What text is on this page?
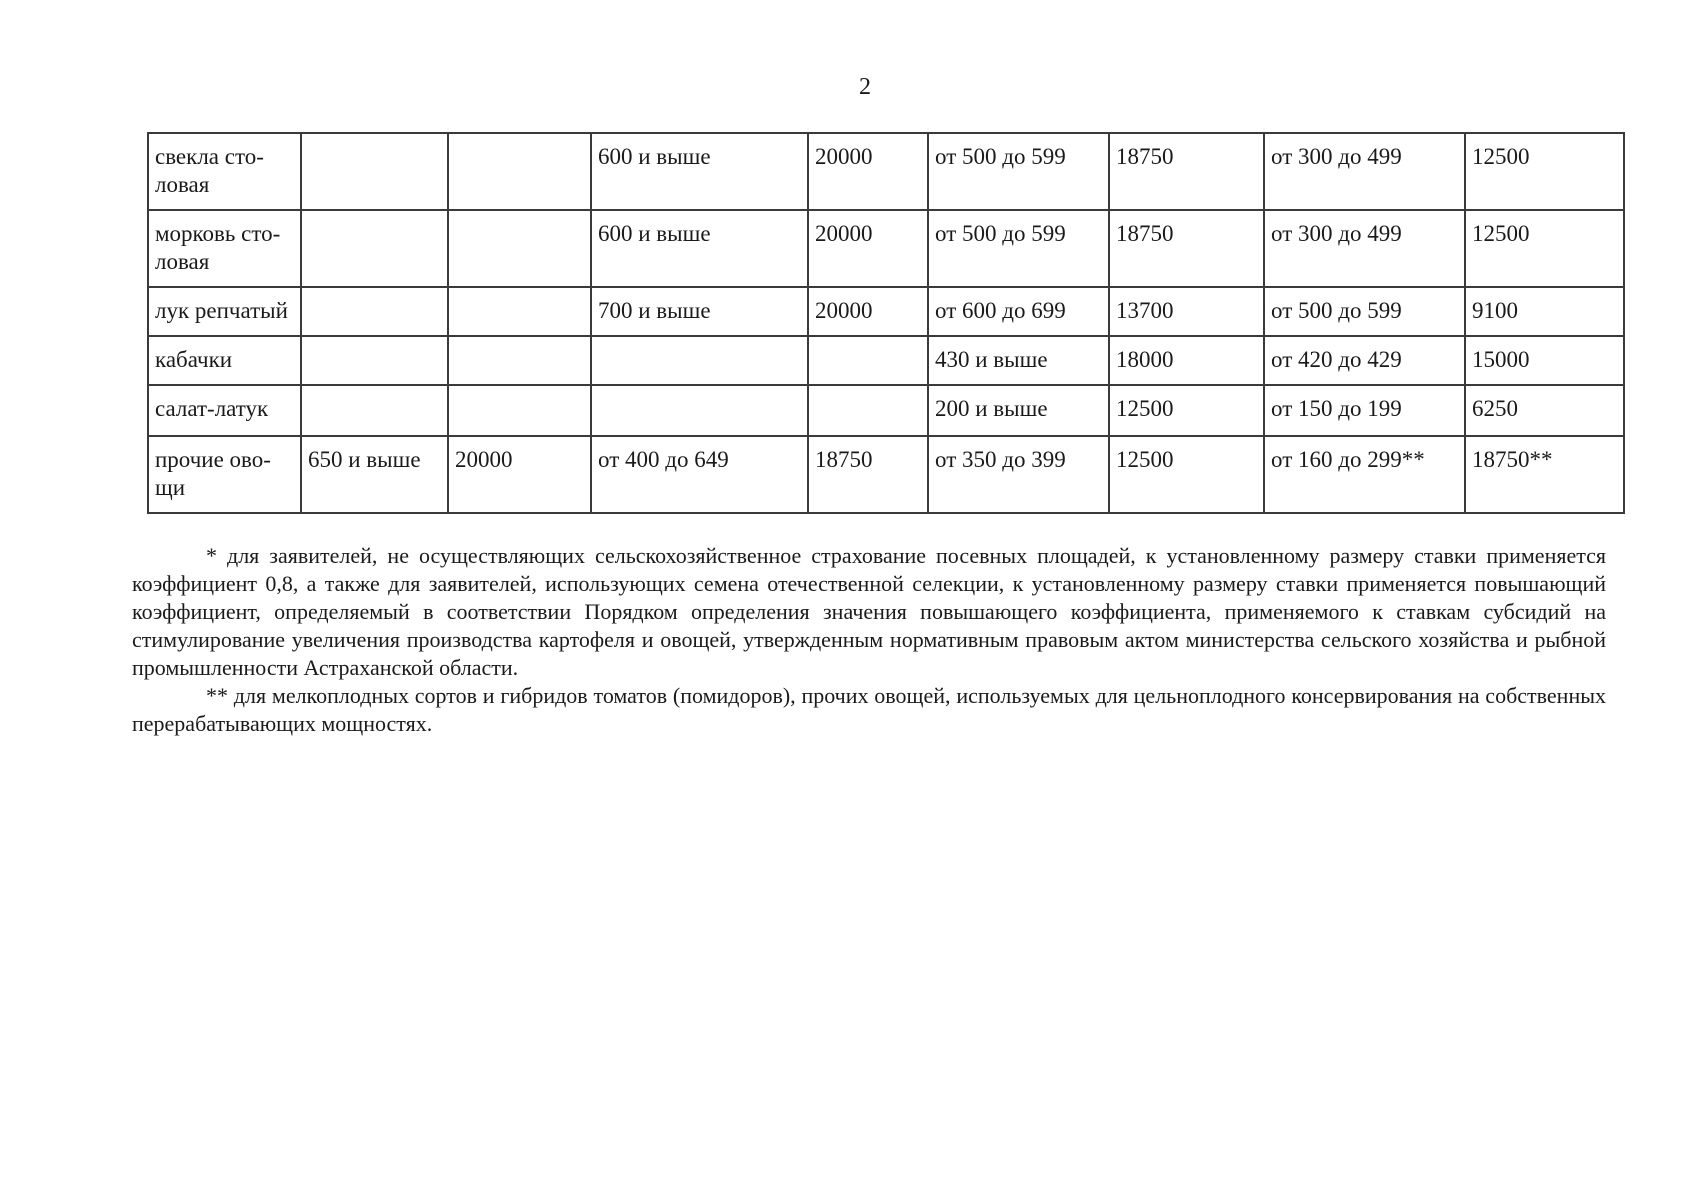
2
свекла сто-
ловая			600 и выше	20000	от 500 до 599	18750	от 300 до 499	12500
морковь сто-
ловая			600 и выше	20000	от 500 до 599	18750	от 300 до 499	12500
лук репчатый			700 и выше	20000	от 600 до 699	13700	от 500 до 599	9100
кабачки					430 и выше	18000	от 420 до 429	15000
салат-латук					200 и выше	12500	от 150 до 199	6250
прочие ово-
щи	650 и выше	20000	от 400 до 649	18750	от 350 до 399	12500	от 160 до 299**	18750**

* для заявителей, не осуществляющих сельскохозяйственное страхование посевных площадей, к установленному размеру ставки применяется коэффициент 0,8, а также для заявителей, использующих семена отечественной селекции, к установленному размеру ставки применяется повышающий коэффициент, определяемый в соответствии Порядком определения значения повышающего коэффициента, применяемого к ставкам субсидий на стимулирование увеличения производства картофеля и овощей, утвержденным нормативным правовым актом министерства сельского хозяйства и рыбной промышленности Астраханской области.

** для мелкоплодных сортов и гибридов томатов (помидоров), прочих овощей, используемых для цельноплодного консервирования на собственных перерабатывающих мощностях.
